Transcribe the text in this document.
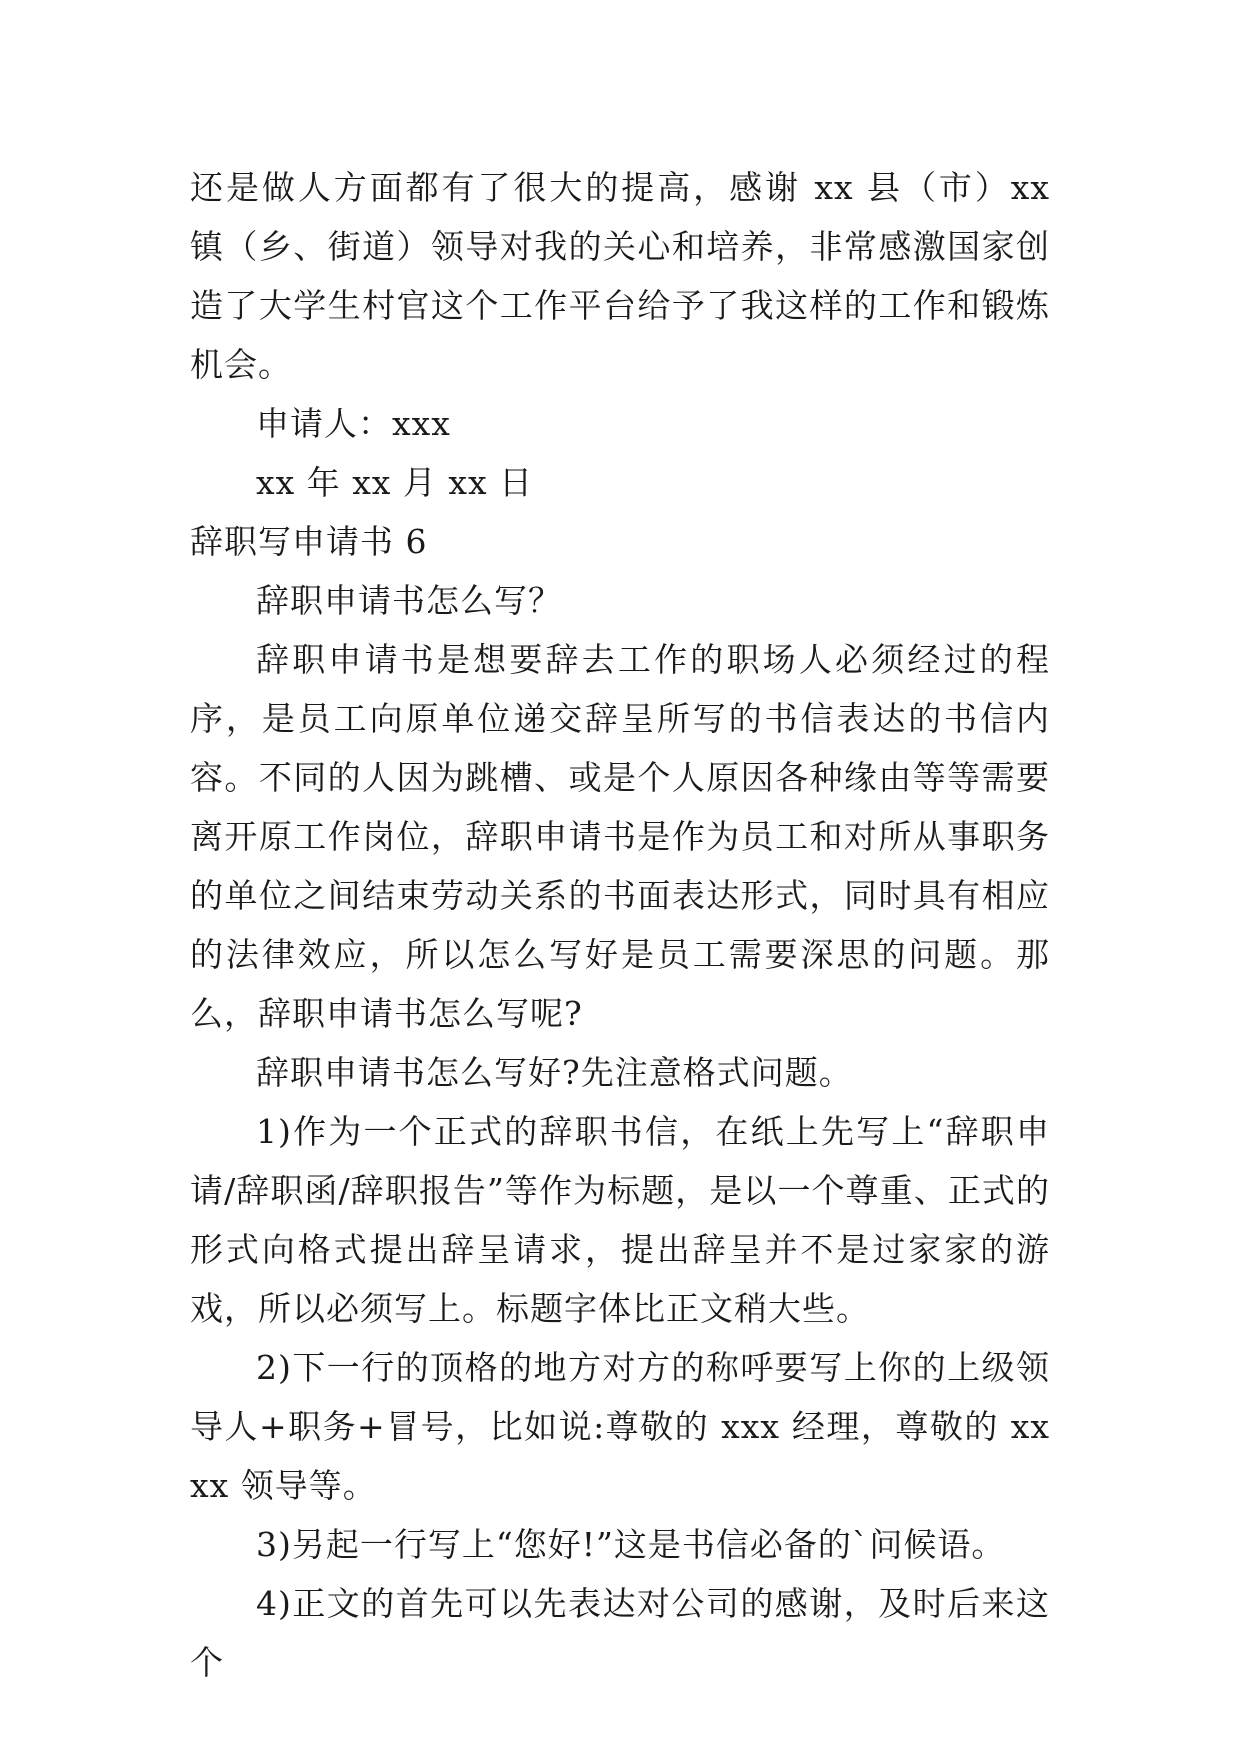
还是做人方面都有了很大的提高，感谢 xx 县（市）xx 镇（乡、街道）领导对我的关心和培养，非常感激国家创造了大学生村官这个工作平台给予了我这样的工作和锻炼机会。

申请人：xxx

xx 年 xx 月 xx 日

辞职写申请书 6

辞职申请书怎么写？

辞职申请书是想要辞去工作的职场人必须经过的程序，是员工向原单位递交辞呈所写的书信表达的书信内容。不同的人因为跳槽、或是个人原因各种缘由等等需要离开原工作岗位，辞职申请书是作为员工和对所从事职务的单位之间结束劳动关系的书面表达形式，同时具有相应的法律效应，所以怎么写好是员工需要深思的问题。那么，辞职申请书怎么写呢?

辞职申请书怎么写好?先注意格式问题。

1)作为一个正式的辞职书信，在纸上先写上“辞职申请/辞职函/辞职报告”等作为标题，是以一个尊重、正式的形式向格式提出辞呈请求，提出辞呈并不是过家家的游戏，所以必须写上。标题字体比正文稍大些。

2)下一行的顶格的地方对方的称呼要写上你的上级领导人+职务+冒号，比如说:尊敬的 xxx 经理，尊敬的 xxxx 领导等。

3)另起一行写上“您好!”这是书信必备的`问候语。

4)正文的首先可以先表达对公司的感谢，及时后来这个
